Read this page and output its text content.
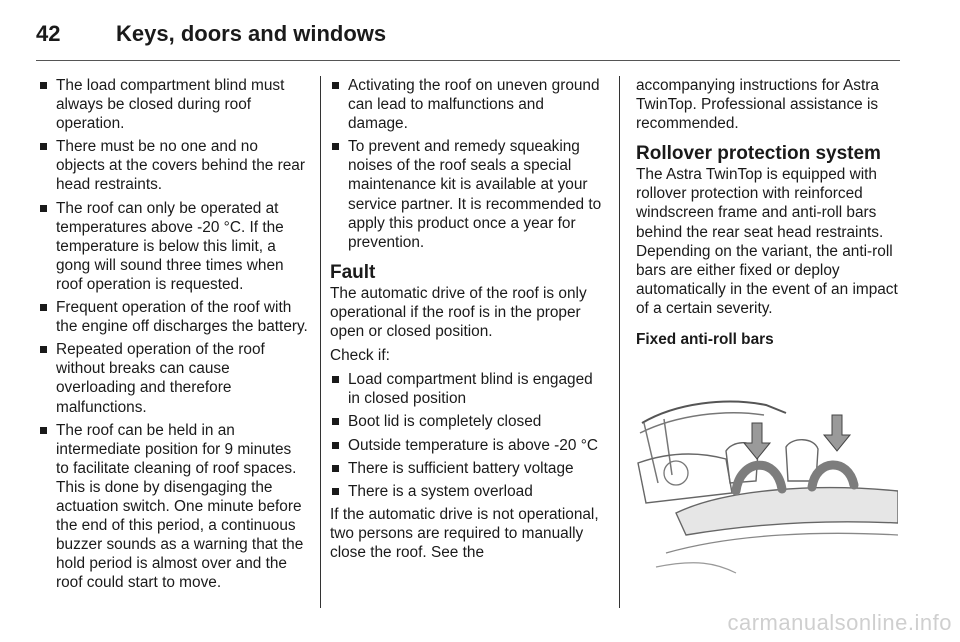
42	Keys, doors and windows
The load compartment blind must always be closed during roof operation.
There must be no one and no objects at the covers behind the rear head restraints.
The roof can only be operated at temperatures above -20 °C. If the temperature is below this limit, a gong will sound three times when roof operation is requested.
Frequent operation of the roof with the engine off discharges the battery.
Repeated operation of the roof without breaks can cause overloading and therefore malfunctions.
The roof can be held in an intermediate position for 9 minutes to facilitate cleaning of roof spaces. This is done by disengaging the actuation switch. One minute before the end of this period, a continuous buzzer sounds as a warning that the hold period is almost over and the roof could start to move.
Activating the roof on uneven ground can lead to malfunctions and damage.
To prevent and remedy squeaking noises of the roof seals a special maintenance kit is available at your service partner. It is recommended to apply this product once a year for prevention.
Fault

The automatic drive of the roof is only operational if the roof is in the proper open or closed position.

Check if:

Load compartment blind is engaged in closed position
Boot lid is completely closed
Outside temperature is above -20 °C
There is sufficient battery voltage
There is a system overload

If the automatic drive is not operational, two persons are required to manually close the roof. See the

accompanying instructions for Astra TwinTop. Professional assistance is recommended.

Rollover protection system

The Astra TwinTop is equipped with rollover protection with reinforced windscreen frame and anti-roll bars behind the rear seat head restraints. Depending on the variant, the anti-roll bars are either fixed or deploy automatically in the event of an impact of a certain severity.

Fixed anti-roll bars
carmanualsonline.info
